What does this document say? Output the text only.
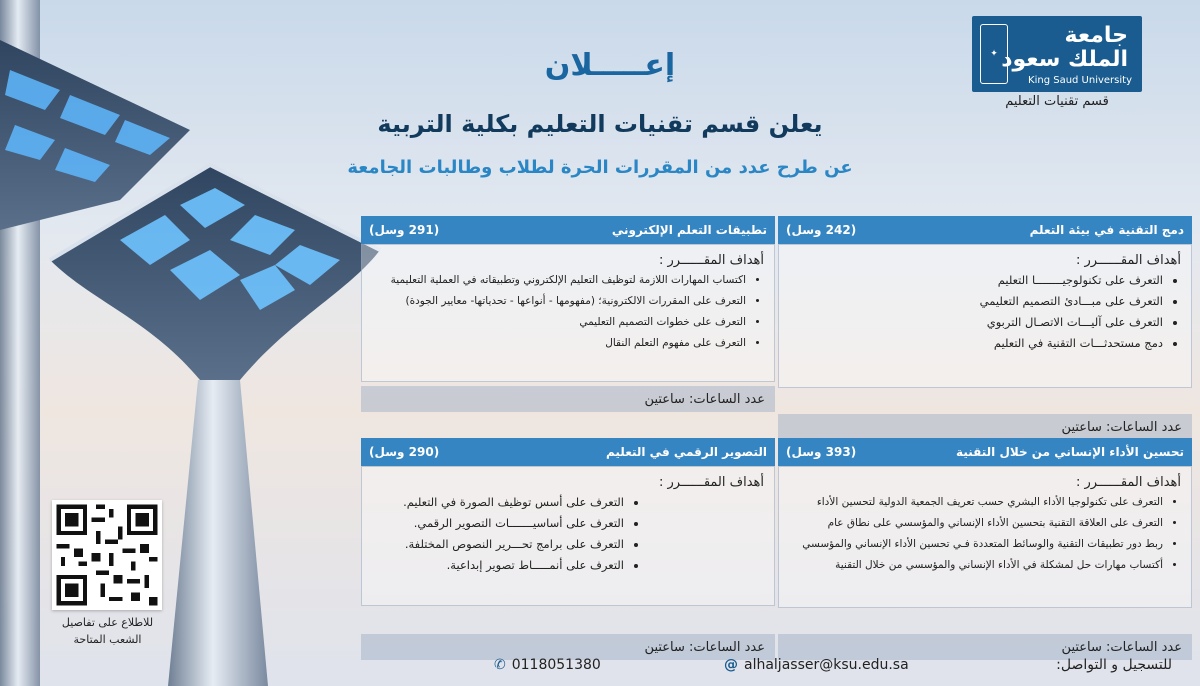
جامعة الملك سعود
King Saud University
✦
قسم تقنيات التعليم
إعـــــلان
يعلن قسم تقنيات التعليم بكلية التربية
عن طرح عدد من المقررات الحرة لطلاب وطالبات الجامعة
دمج التقنية في بيئة التعلم
(242 وسل)
أهداف المقــــــرر :
• التعرف على تكنولوجيــــــــا التعليم
• التعرف على مبـــادئ التصميم التعليمي
• التعرف على آليـــات الاتصـال التربوي
• دمج مستحدثـــات التقنية في التعليم
عدد الساعات: ساعتين
تطبيقات التعلم الإلكتروني
(291 وسل)
أهداف المقــــــرر :
• اكتساب المهارات اللازمة لتوظيف التعليم الإلكتروني وتطبيقاته في العملية التعليمية
• التعرف على المقررات الالكترونية؛ (مفهومها - أنواعها - تحدياتها- معايير الجودة)
• التعرف على خطوات التصميم التعليمي
• التعرف على مفهوم التعلم النقال
عدد الساعات: ساعتين
تحسين الأداء الإنساني من خلال التقنية
(393 وسل)
أهداف المقــــــرر :
• التعرف على تكنولوجيا الأداء البشري حسب تعريف الجمعية الدولية لتحسين الأداء
• التعرف على العلاقة التقنية بتحسين الأداء الإنساني والمؤسسي على نطاق عام
• ربط دور تطبيقات التقنية والوسائط المتعددة فـي تحسين الأداء الإنساني والمؤسسي
• أكتساب مهارات حل لمشكلة في الأداء الإنساني والمؤسسي من خلال التقنية
عدد الساعات: ساعتين
التصوير الرقمي في التعليم
(290 وسل)
أهداف المقــــــرر :
• التعرف على أسس توظيف الصورة في التعليم.
• التعرف على أساسيـــــــات التصوير الرقمي.
• التعرف على برامج تحـــرير النصوص المختلفة.
• التعرف على أنمـــــاط تصوير إبداعية.
عدد الساعات: ساعتين
للاطلاع على تفاصيل
الشعب المتاحة
للتسجيل و التواصل:
@ alhaljasser@ksu.edu.sa
✆ 0118051380
